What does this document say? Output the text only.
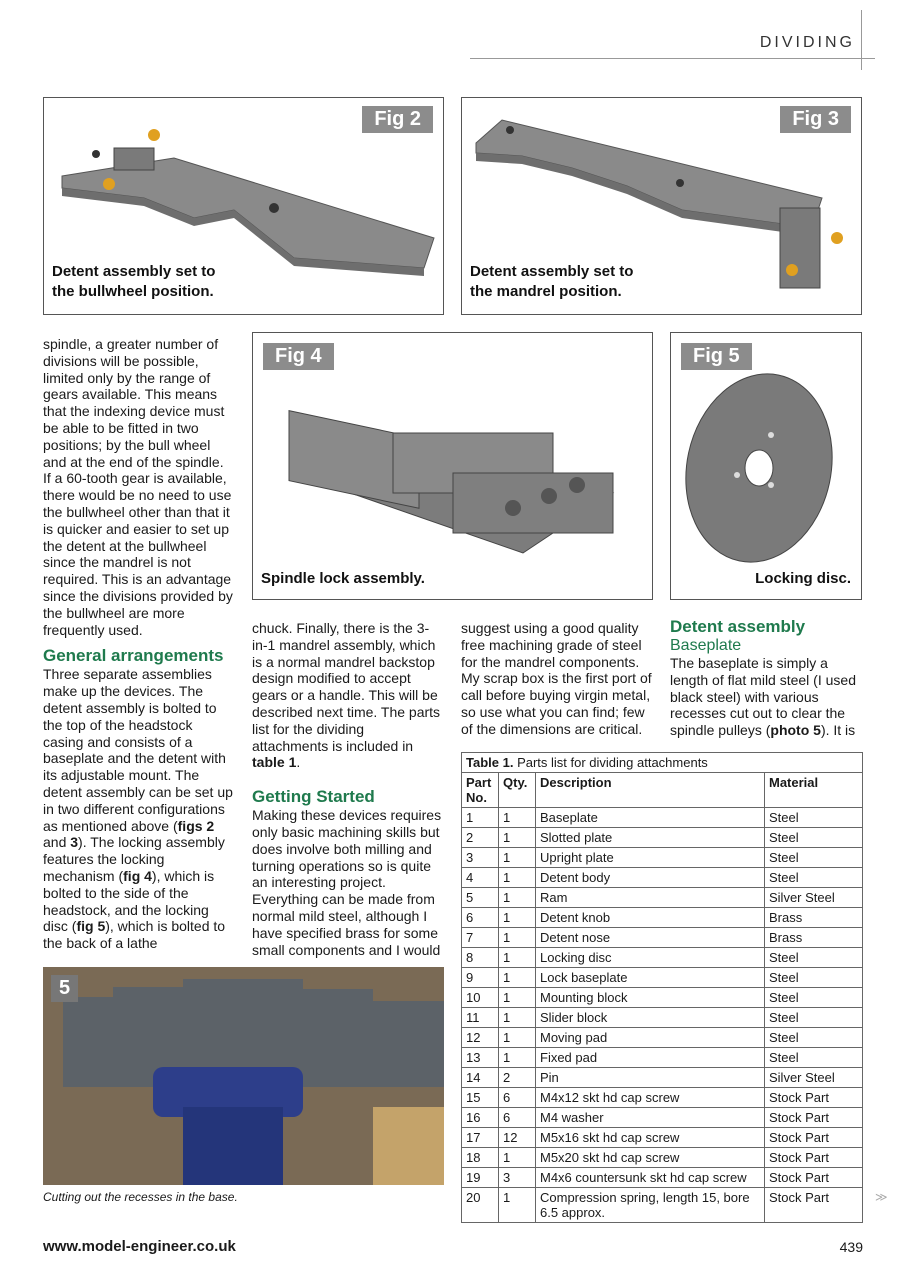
DIVIDING
Fig 2
Detent assembly set to
the bullwheel position.
Fig 3
Detent assembly set to
the mandrel position.

spindle, a greater number of divisions will be possible, limited only by the range of gears available. This means that the indexing device must be able to be fitted in two positions; by the bull wheel and at the end of the spindle. If a 60-tooth gear is available, there would be no need to use the bullwheel other than that it is quicker and easier to set up the detent at the bullwheel since the mandrel is not required. This is an advantage since the divisions provided by the bullwheel are more frequently used.

General arrangements

Three separate assemblies make up the devices. The detent assembly is bolted to the top of the headstock casing and consists of a baseplate and the detent with its adjustable mount. The detent assembly can be set up in two different configurations as mentioned above (figs 2 and 3). The locking assembly features the locking mechanism (fig 4), which is bolted to the side of the headstock, and the locking disc (fig 5), which is bolted to the back of a lathe

Fig 4
Spindle lock assembly.
Fig 5
Locking disc.

chuck. Finally, there is the 3-in-1 mandrel assembly, which is a normal mandrel backstop design modified to accept gears or a handle. This will be described next time. The parts list for the dividing attachments is included in table 1.

Getting Started

Making these devices requires only basic machining skills but does involve both milling and turning operations so is quite an interesting project. Everything can be made from normal mild steel, although I have specified brass for some small components and I would

suggest using a good quality free machining grade of steel for the mandrel components. My scrap box is the first port of call before buying virgin metal, so use what you can find; few of the dimensions are critical.

Detent assembly
Baseplate

The baseplate is simply a length of flat mild steel (I used black steel) with various recesses cut out to clear the spindle pulleys (photo 5). It is

5
Cutting out the recesses in the base.
Table 1. Parts list for dividing attachments
Part No.	Qty.	Description	Material
1	1	Baseplate	Steel
2	1	Slotted plate	Steel
3	1	Upright plate	Steel
4	1	Detent body	Steel
5	1	Ram	Silver Steel
6	1	Detent knob	Brass
7	1	Detent nose	Brass
8	1	Locking disc	Steel
9	1	Lock baseplate	Steel
10	1	Mounting block	Steel
11	1	Slider block	Steel
12	1	Moving pad	Steel
13	1	Fixed pad	Steel
14	2	Pin	Silver Steel
15	6	M4x12 skt hd cap screw	Stock Part
16	6	M4 washer	Stock Part
17	12	M5x16 skt hd cap screw	Stock Part
18	1	M5x20 skt hd cap screw	Stock Part
19	3	M4x6 countersunk skt hd cap screw	Stock Part
20	1	Compression spring, length 15, bore 6.5 approx.	Stock Part
www.model-engineer.co.uk	439
≫
